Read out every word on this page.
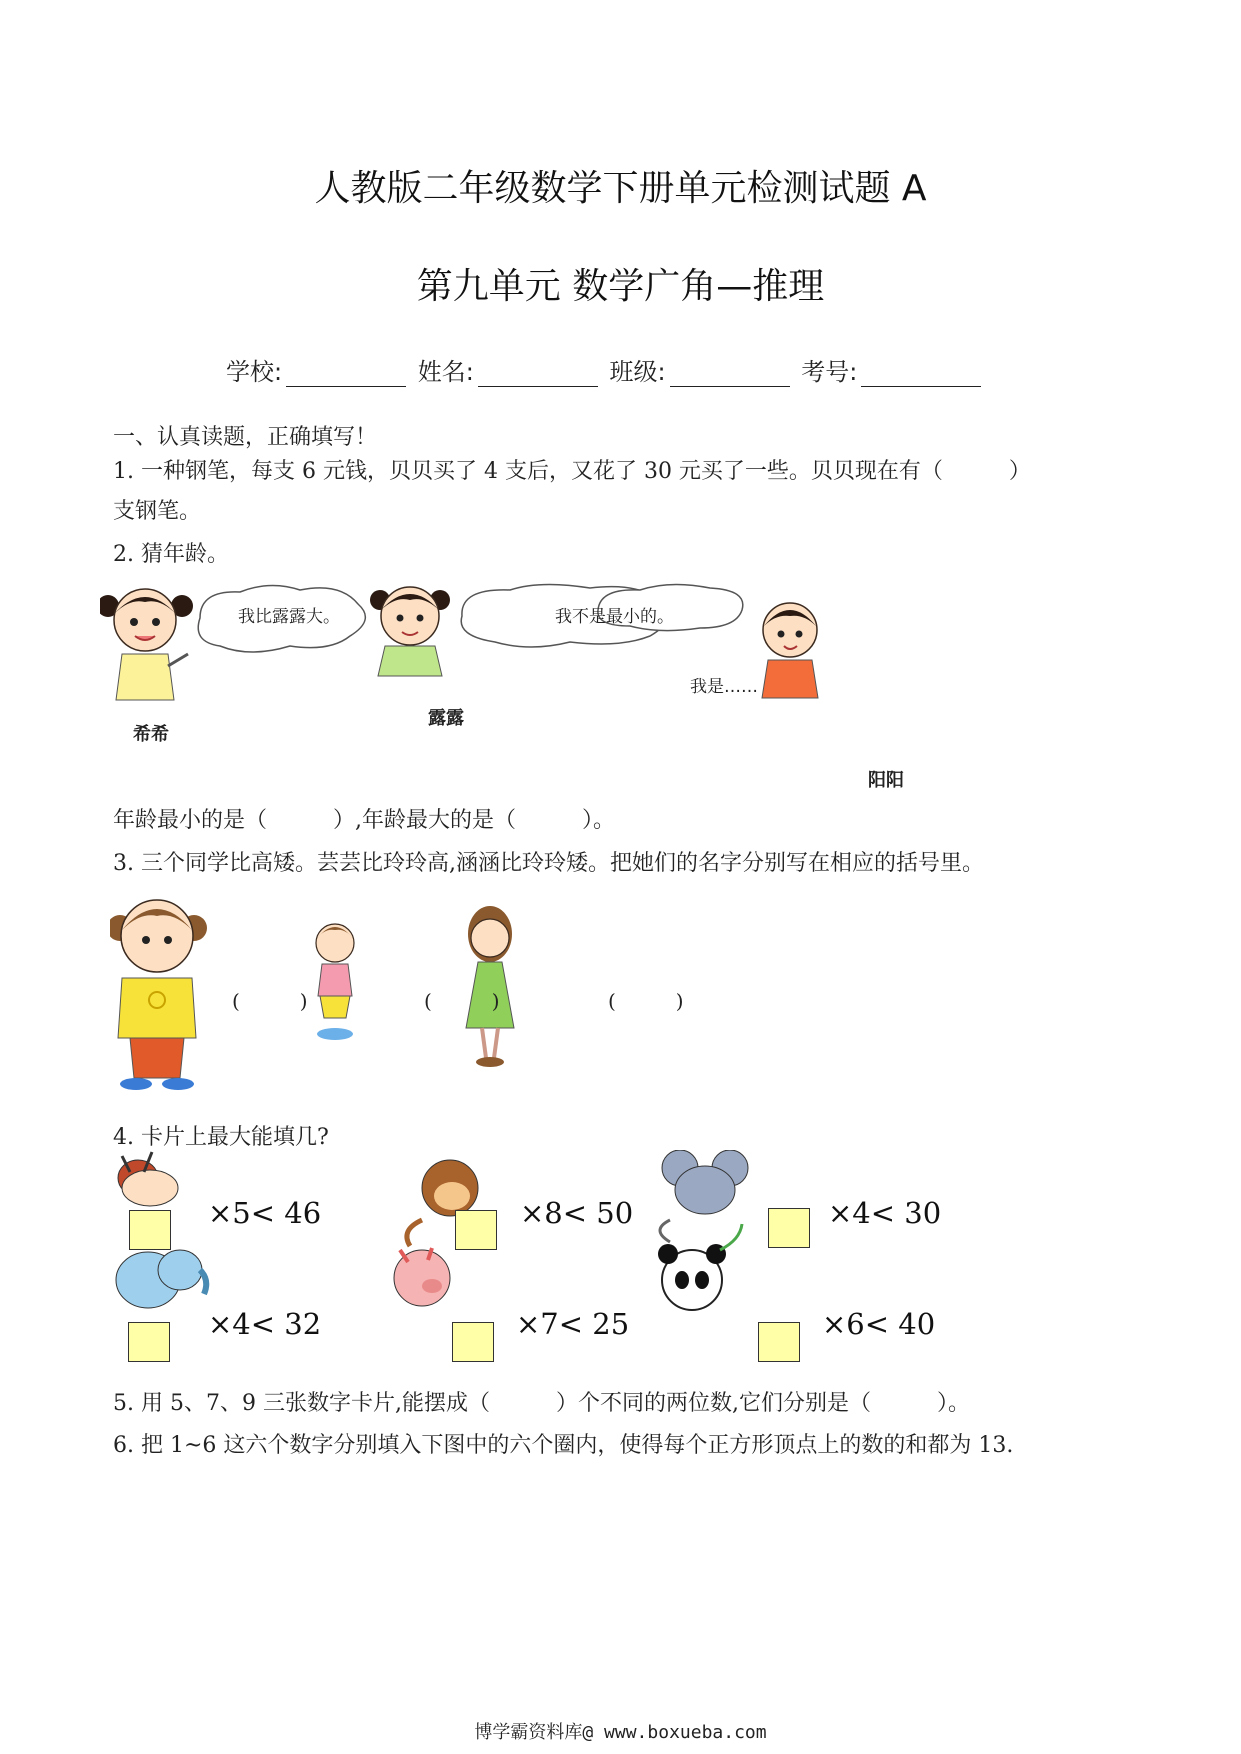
人教版二年级数学下册单元检测试题 A
第九单元 数学广角—推理
学校:	姓名:	班级:	考号:
一、认真读题，正确填写！
1. 一种钢笔，每支 6 元钱，贝贝买了 4 支后，又花了 30 元买了一些。贝贝现在有（　　　）
支钢笔。
2. 猜年龄。
我比露露大。	我不是最小的。
我是……
希希
露露
阳阳
年龄最小的是（　　　）,年龄最大的是（　　　）。
3. 三个同学比高矮。芸芸比玲玲高,涵涵比玲玲矮。把她们的名字分别写在相应的括号里。
(　　　)	(　　　)	(　　　)
4. 卡片上最大能填几?
×5< 46	×8< 50	×4< 30
×4< 32	×7< 25	×6< 40
5. 用 5、7、9 三张数字卡片,能摆成（　　　）个不同的两位数,它们分别是（　　　）。
6. 把 1~6 这六个数字分别填入下图中的六个圈内，使得每个正方形顶点上的数的和都为 13.
博学霸资料库@ www.boxueba.com
